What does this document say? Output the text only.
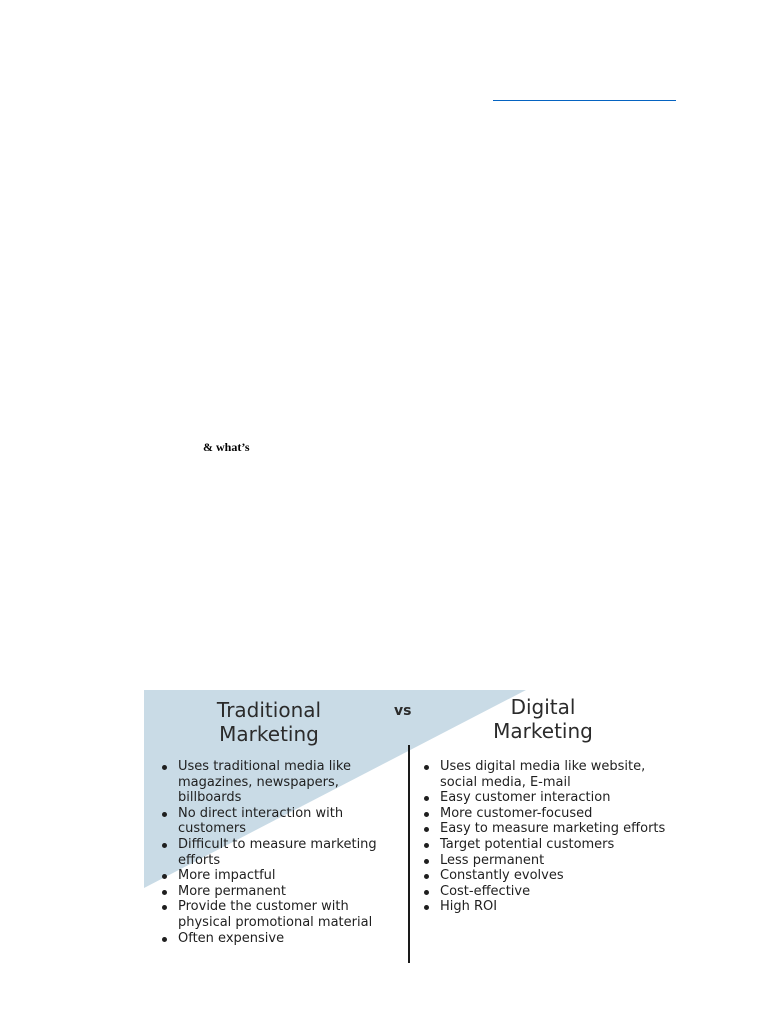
& what’s
Traditional
Marketing
vs	Digital
Marketing
Uses traditional media like magazines, newspapers, billboards
No direct interaction with customers
Difficult to measure marketing efforts
More impactful
More permanent
Provide the customer with physical promotional material
Often expensive
Uses digital media like website, social media, E-mail
Easy customer interaction
More customer-focused
Easy to measure marketing efforts
Target potential customers
Less permanent
Constantly evolves
Cost-effective
High ROI
